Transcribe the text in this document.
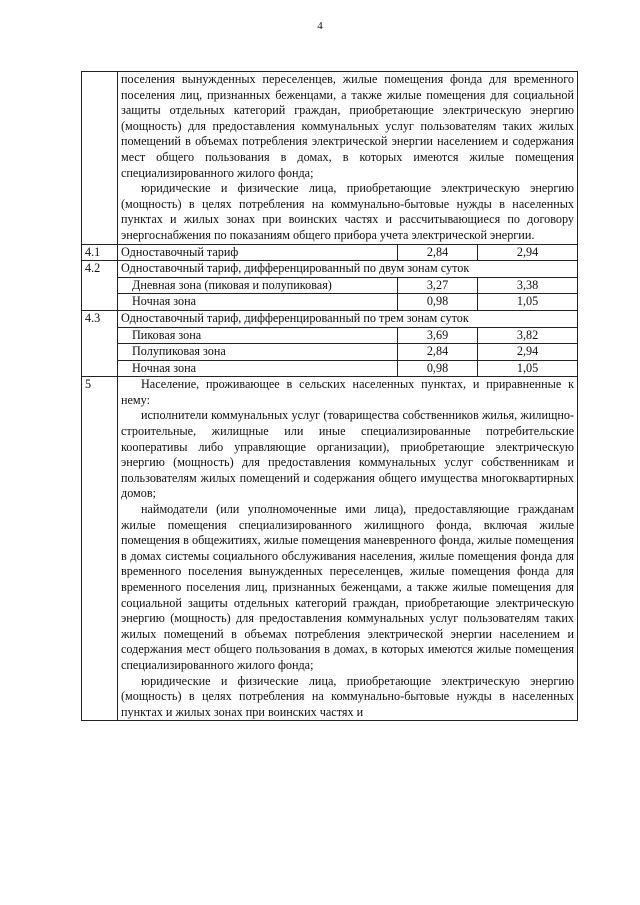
4

	поселения вынужденных переселенцев, жилые помещения фонда для временного поселения лиц, признанных беженцами, а также жилые помещения для социальной защиты отдельных категорий граждан, приобретающие электрическую энергию (мощность) для предоставления коммунальных услуг пользователям таких жилых помещений в объемах потребления электрической энергии населением и содержания мест общего пользования в домах, в которых имеются жилые помещения специализированного жилого фонда;

юридические и физические лица, приобретающие электрическую энергию (мощность) в целях потребления на коммунально-бытовые нужды в населенных пунктах и жилых зонах при воинских частях и рассчитывающиеся по договору энергоснабжения по показаниям общего прибора учета электрической энергии.		

4.1	Одноставочный тариф	2,84	2,94
4.2	Одноставочный тариф, дифференцированный по двум зонам суток		
	Дневная зона (пиковая и полупиковая)	3,27	3,38
	Ночная зона	0,98	1,05
4.3	Одноставочный тариф, дифференцированный по трем зонам суток		
	Пиковая зона	3,69	3,82
	Полупиковая зона	2,84	2,94
	Ночная зона	0,98	1,05
5	Население, проживающее в сельских населенных пунктах, и приравненные к нему:

исполнители коммунальных услуг (товарищества собственников жилья, жилищно-строительные, жилищные или иные специализированные потребительские кооперативы либо управляющие организации), приобретающие электрическую энергию (мощность) для предоставления коммунальных услуг собственникам и пользователям жилых помещений и содержания общего имущества многоквартирных домов;

наймодатели (или уполномоченные ими лица), предоставляющие гражданам жилые помещения специализированного жилищного фонда, включая жилые помещения в общежитиях, жилые помещения маневренного фонда, жилые помещения в домах системы социального обслуживания населения, жилые помещения фонда для временного поселения вынужденных переселенцев, жилые помещения фонда для временного поселения лиц, признанных беженцами, а также жилые помещения для социальной защиты отдельных категорий граждан, приобретающие электрическую энергию (мощность) для предоставления коммунальных услуг пользователям таких жилых помещений в объемах потребления электрической энергии населением и содержания мест общего пользования в домах, в которых имеются жилые помещения специализированного жилого фонда;

юридические и физические лица, приобретающие электрическую энергию (мощность) в целях потребления на коммунально-бытовые нужды в населенных пунктах и жилых зонах при воинских частях и		
